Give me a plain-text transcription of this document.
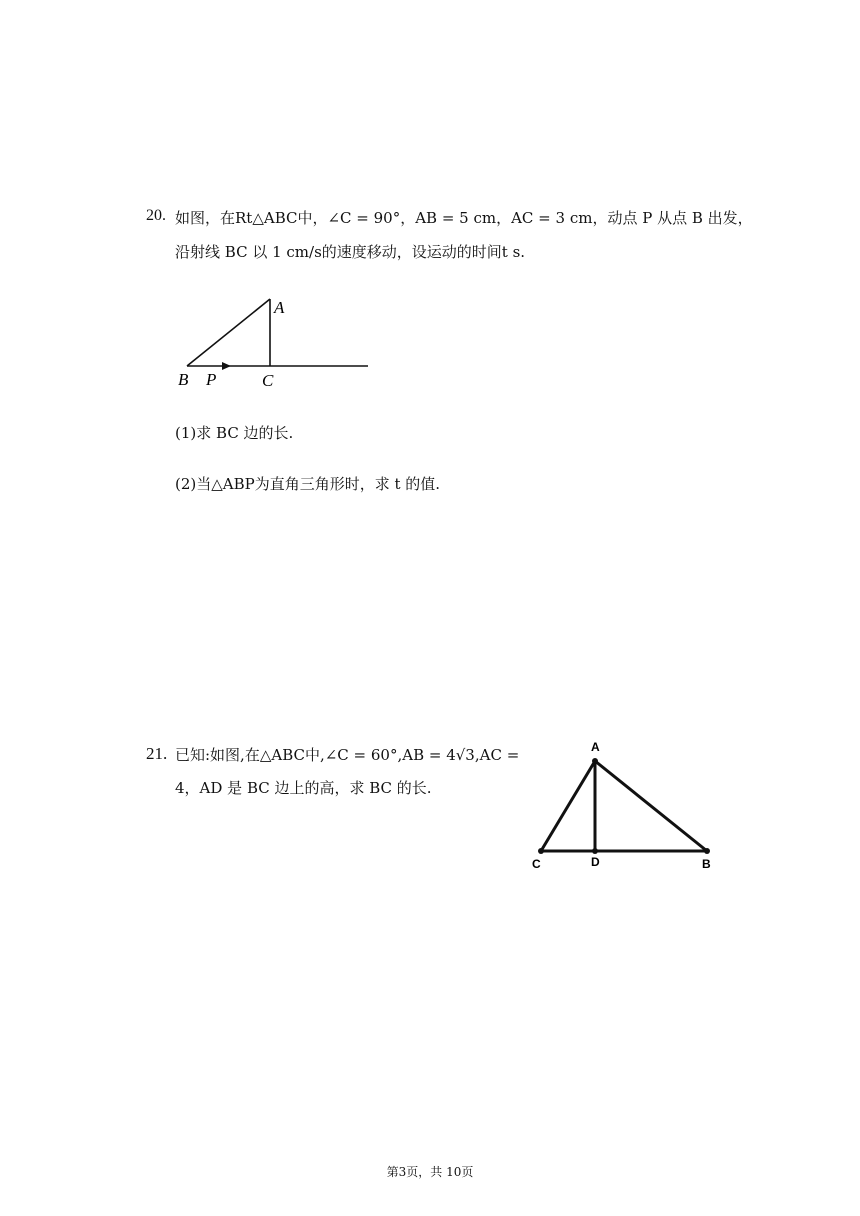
20. 如图，在Rt△ABC中，∠C = 90°，AB = 5 cm，AC = 3 cm，动点 P 从点 B 出发，
沿射线 BC 以 1 cm/s的速度移动，设运动的时间t s.
A
B P	C
(1)求 BC 边的长.
(2)当△ABP为直角三角形时，求 t 的值.
21. 已知:如图,在△ABC中,∠C = 60°,AB = 4√3,AC =
4，AD 是 BC 边上的高，求 BC 的长.
A
C	D	B
第3页，共 10页
